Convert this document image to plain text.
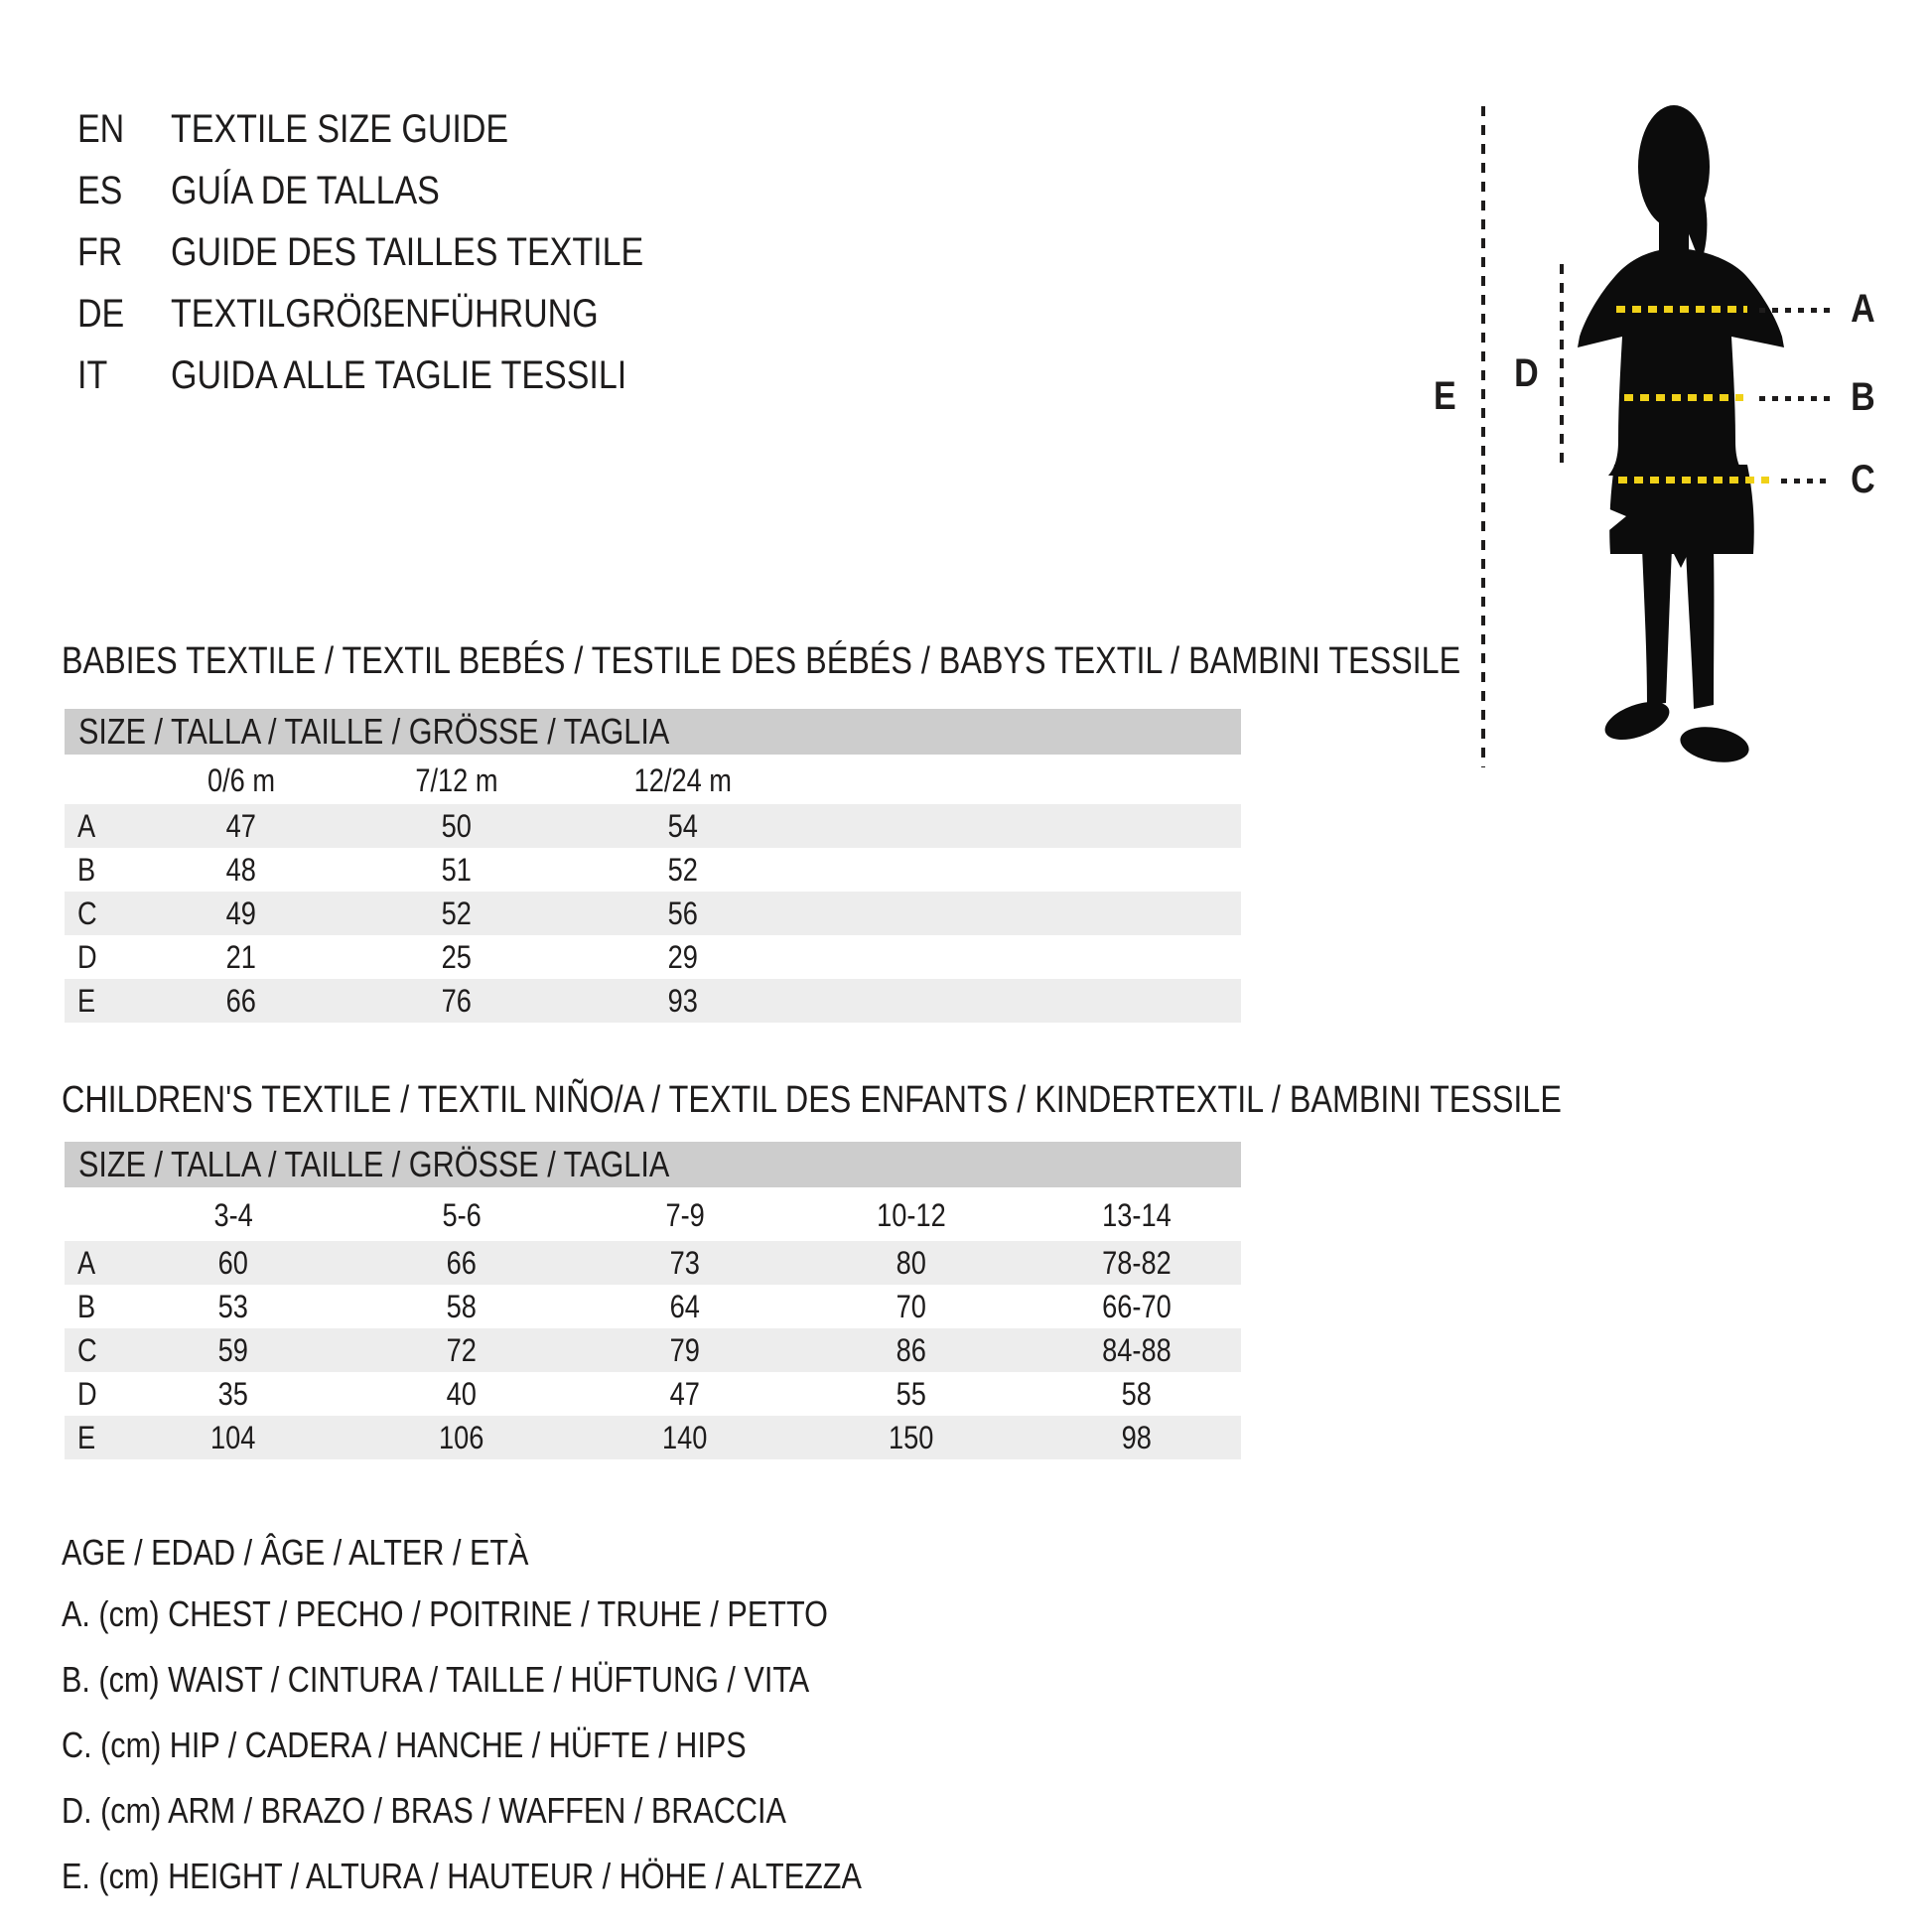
EN	TEXTILE SIZE GUIDE
ES	GUÍA DE TALLAS
FR	GUIDE DES TAILLES TEXTILE
DE	TEXTILGRÖßENFÜHRUNG
IT	GUIDA ALLE TAGLIE TESSILI	E
D
A
B
C
BABIES TEXTILE / TEXTIL BEBÉS / TESTILE DES BÉBÉS / BABYS TEXTIL / BAMBINI TESSILE
SIZE / TALLA / TAILLE / GRÖSSE / TAGLIA
0/6 m	7/12 m	12/24 m
A	47	50	54
B	48	51	52
C	49	52	56
D	21	25	29
E	66	76	93
CHILDREN'S TEXTILE / TEXTIL NIÑO/A / TEXTIL DES ENFANTS / KINDERTEXTIL / BAMBINI TESSILE
SIZE / TALLA / TAILLE / GRÖSSE / TAGLIA
3-4	5-6	7-9	10-12	13-14
A	60	66	73	80	78-82
B	53	58	64	70	66-70
C	59	72	79	86	84-88
D	35	40	47	55	58
E	104	106	140	150	98
AGE / EDAD / ÂGE / ALTER / ETÀ
A. (cm) CHEST / PECHO / POITRINE / TRUHE / PETTO
B. (cm) WAIST / CINTURA / TAILLE / HÜFTUNG / VITA
C. (cm) HIP / CADERA / HANCHE / HÜFTE / HIPS
D. (cm) ARM / BRAZO / BRAS / WAFFEN / BRACCIA
E. (cm) HEIGHT / ALTURA / HAUTEUR / HÖHE / ALTEZZA
